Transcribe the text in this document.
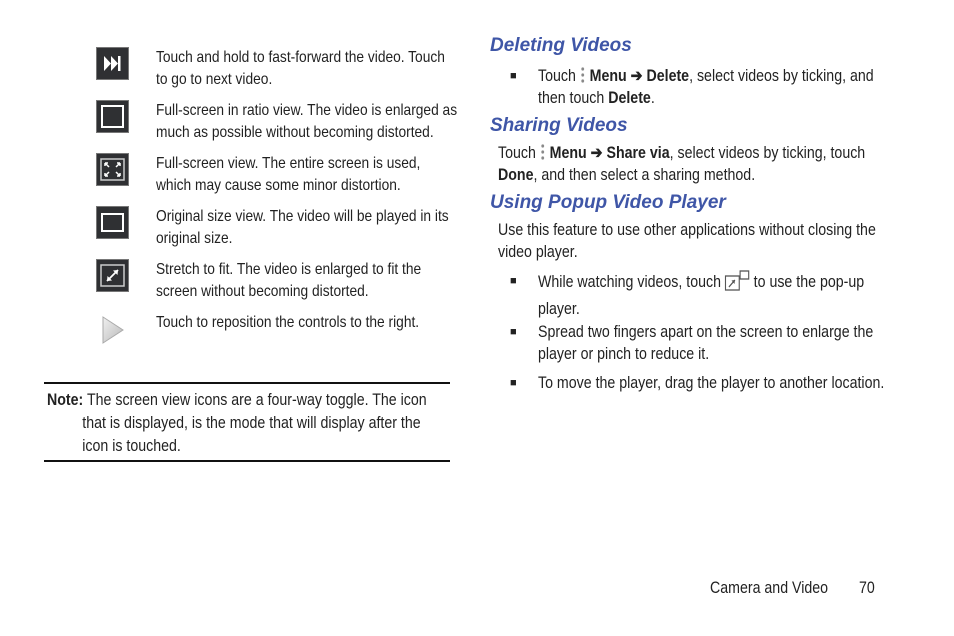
Touch and hold to fast-forward the video. Touch
to go to next video.
Full-screen in ratio view. The video is enlarged as
much as possible without becoming distorted.
Full-screen view. The entire screen is used,
which may cause some minor distortion.
Original size view. The video will be played in its
original size.
Stretch to fit. The video is enlarged to fit the
screen without becoming distorted.
Touch to reposition the controls to the right.
Note: The screen view icons are a four-way toggle. The icon
that is displayed, is the mode that will display after the
icon is touched.
Deleting Videos
■ Touch Menu ➔ Delete, select videos by ticking, and
then touch Delete.
Sharing Videos
Touch Menu ➔ Share via, select videos by ticking, touch
Done, and then select a sharing method.
Using Popup Video Player
Use this feature to use other applications without closing the
video player.
■ While watching videos, touch to use the pop-up
player.
■ Spread two fingers apart on the screen to enlarge the
player or pinch to reduce it.
■ To move the player, drag the player to another location.
Camera and Video	70
